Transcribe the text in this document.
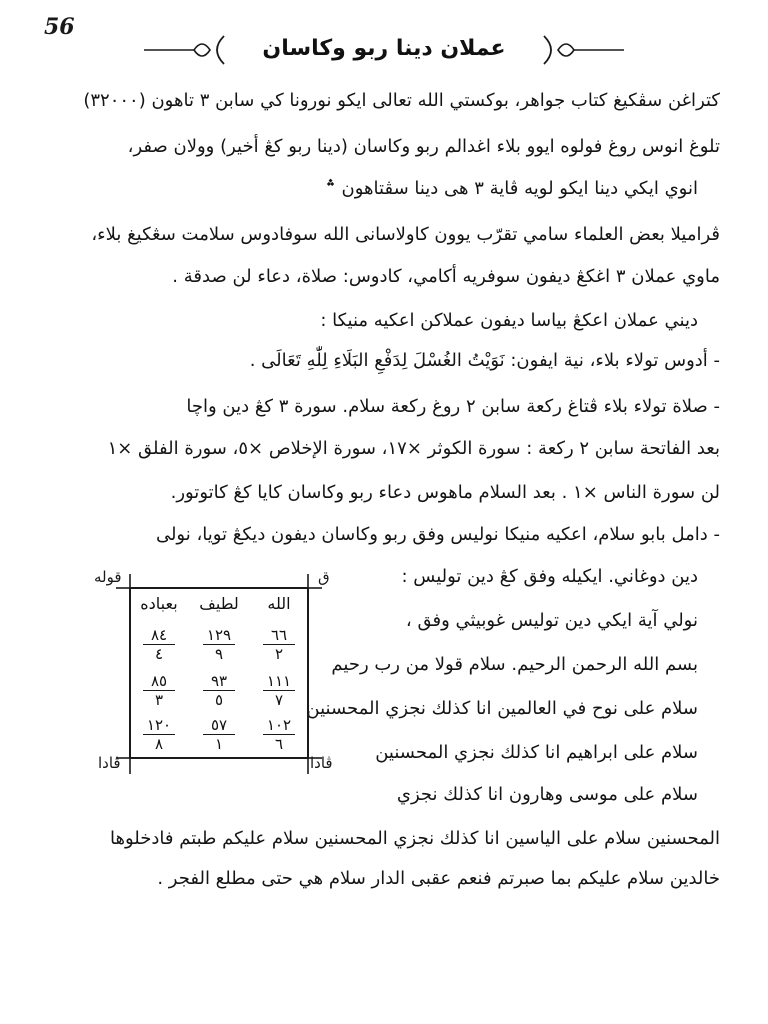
56
عملان دينا ربو وكاسان
كتراغن سڤكيغ كتاب جواهر، بوكستي الله تعالى ايكو نورونا كي سابن ٣ تاهون (٣٢٠٠٠)
تلوغ انوس روغ فولوه ايوو بلاء اغدالم ربو وكاسان (دينا ربو كڠ أخير) وولان صفر،
انوي ايكي دينا ايكو لويه ڤاية ٣ هى دينا سڤتاهون ؞
ڤراميلا بعض العلماء سامي تقرّب يوون كاولاسانى الله سوفادوس سلامت سڠكيغ بلاء،
ماوي عملان ٣ اغكڠ ديفون سوفريه أكامي، كادوس: صلاة، دعاء لن صدقة .
ديني عملان اعكڠ بياسا ديفون عملاكن اعكيه منيكا :
- أدوس تولاء بلاء، نية ايفون: نَوَيْتُ الغُسْلَ لِدَفْعِ البَلَاءِ لِلّٰهِ تَعَالَى .
- صلاة تولاء بلاء ڤتاغ ركعة سابن ٢ روغ ركعة سلام. سورة ٣ كڠ دين واچا
بعد الفاتحة سابن ٢ ركعة : سورة الكوثر ×١٧، سورة الإخلاص ×٥، سورة الفلق ×١
لن سورة الناس ×١ . بعد السلام ماهوس دعاء ربو وكاسان كايا كڠ كاتوتور.
- دامل بابو سلام، اعكيه منيكا نوليس وفق ربو وكاسان ديفون ديكڠ تويا، نولى
دين دوغاني. ايكيله وفق كڠ دين توليس :
نولي آية ايكي دين توليس غوبيثي وفق ،
بسم الله الرحمن الرحيم. سلام قولا من رب رحيم
سلام على نوح في العالمين انا كذلك نجزي المحسنين
سلام على ابراهيم انا كذلك نجزي المحسنين
سلام على موسى وهارون انا كذلك نجزي
المحسنين سلام على الياسين انا كذلك نجزي المحسنين سلام عليكم طبتم فادخلوها
خالدين سلام عليكم بما صبرتم فنعم عقبى الدار سلام هي حتى مطلع الفجر .
قوله	ق
ڤادا	ڤادا
الله
لطيف
بعباده
٦٦
٢
١٢٩
٩
٨٤
٤
١١١
٧
٩٣
٥
٨٥
٣
١٠٢
٦
٥٧
١
١٢٠
٨
